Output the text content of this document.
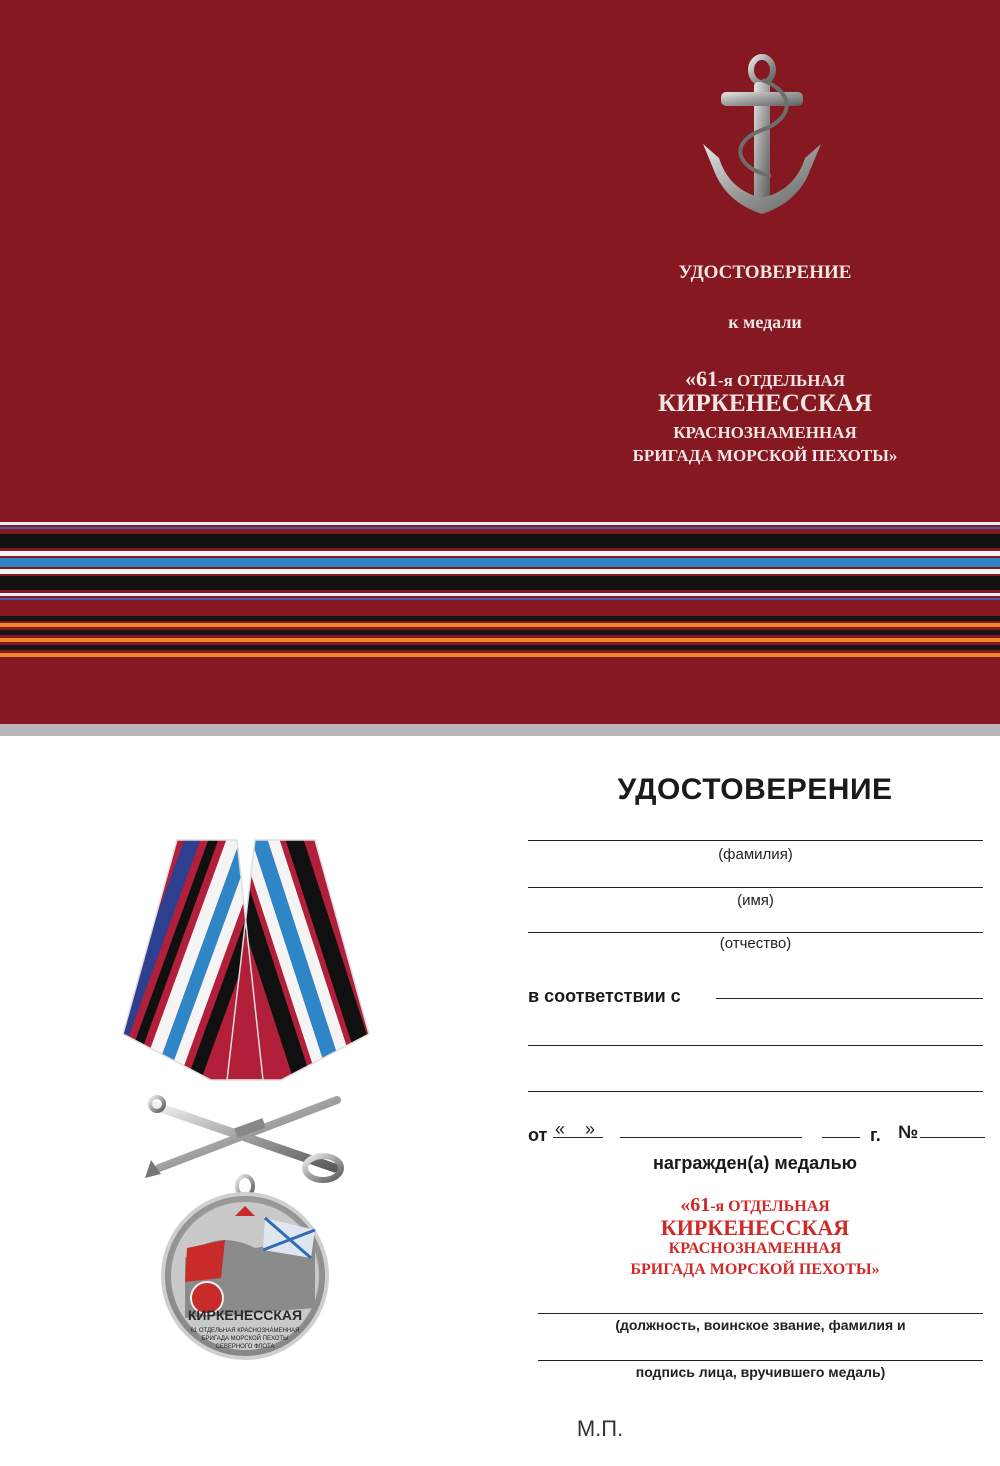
УДОСТОВЕРЕНИЕ
к медали
«61-я ОТДЕЛЬНАЯ
КИРКЕНЕССКАЯ
КРАСНОЗНАМЕННАЯ
БРИГАДА МОРСКОЙ ПЕХОТЫ»
КИРКЕНЕССКАЯ
61 ОТДЕЛЬНАЯ КРАСНОЗНАМЕННАЯ
БРИГАДА МОРСКОЙ ПЕХОТЫ
СЕВЕРНОГО ФЛОТА
УДОСТОВЕРЕНИЕ
(фамилия)
(имя)
(отчество)
в соответствии с
от «    »	г. №
награжден(а) медалью
«61-я ОТДЕЛЬНАЯ
КИРКЕНЕССКАЯ
КРАСНОЗНАМЕННАЯ
БРИГАДА МОРСКОЙ ПЕХОТЫ»
(должность, воинское звание, фамилия и
подпись лица, вручившего медаль)
М.П.
